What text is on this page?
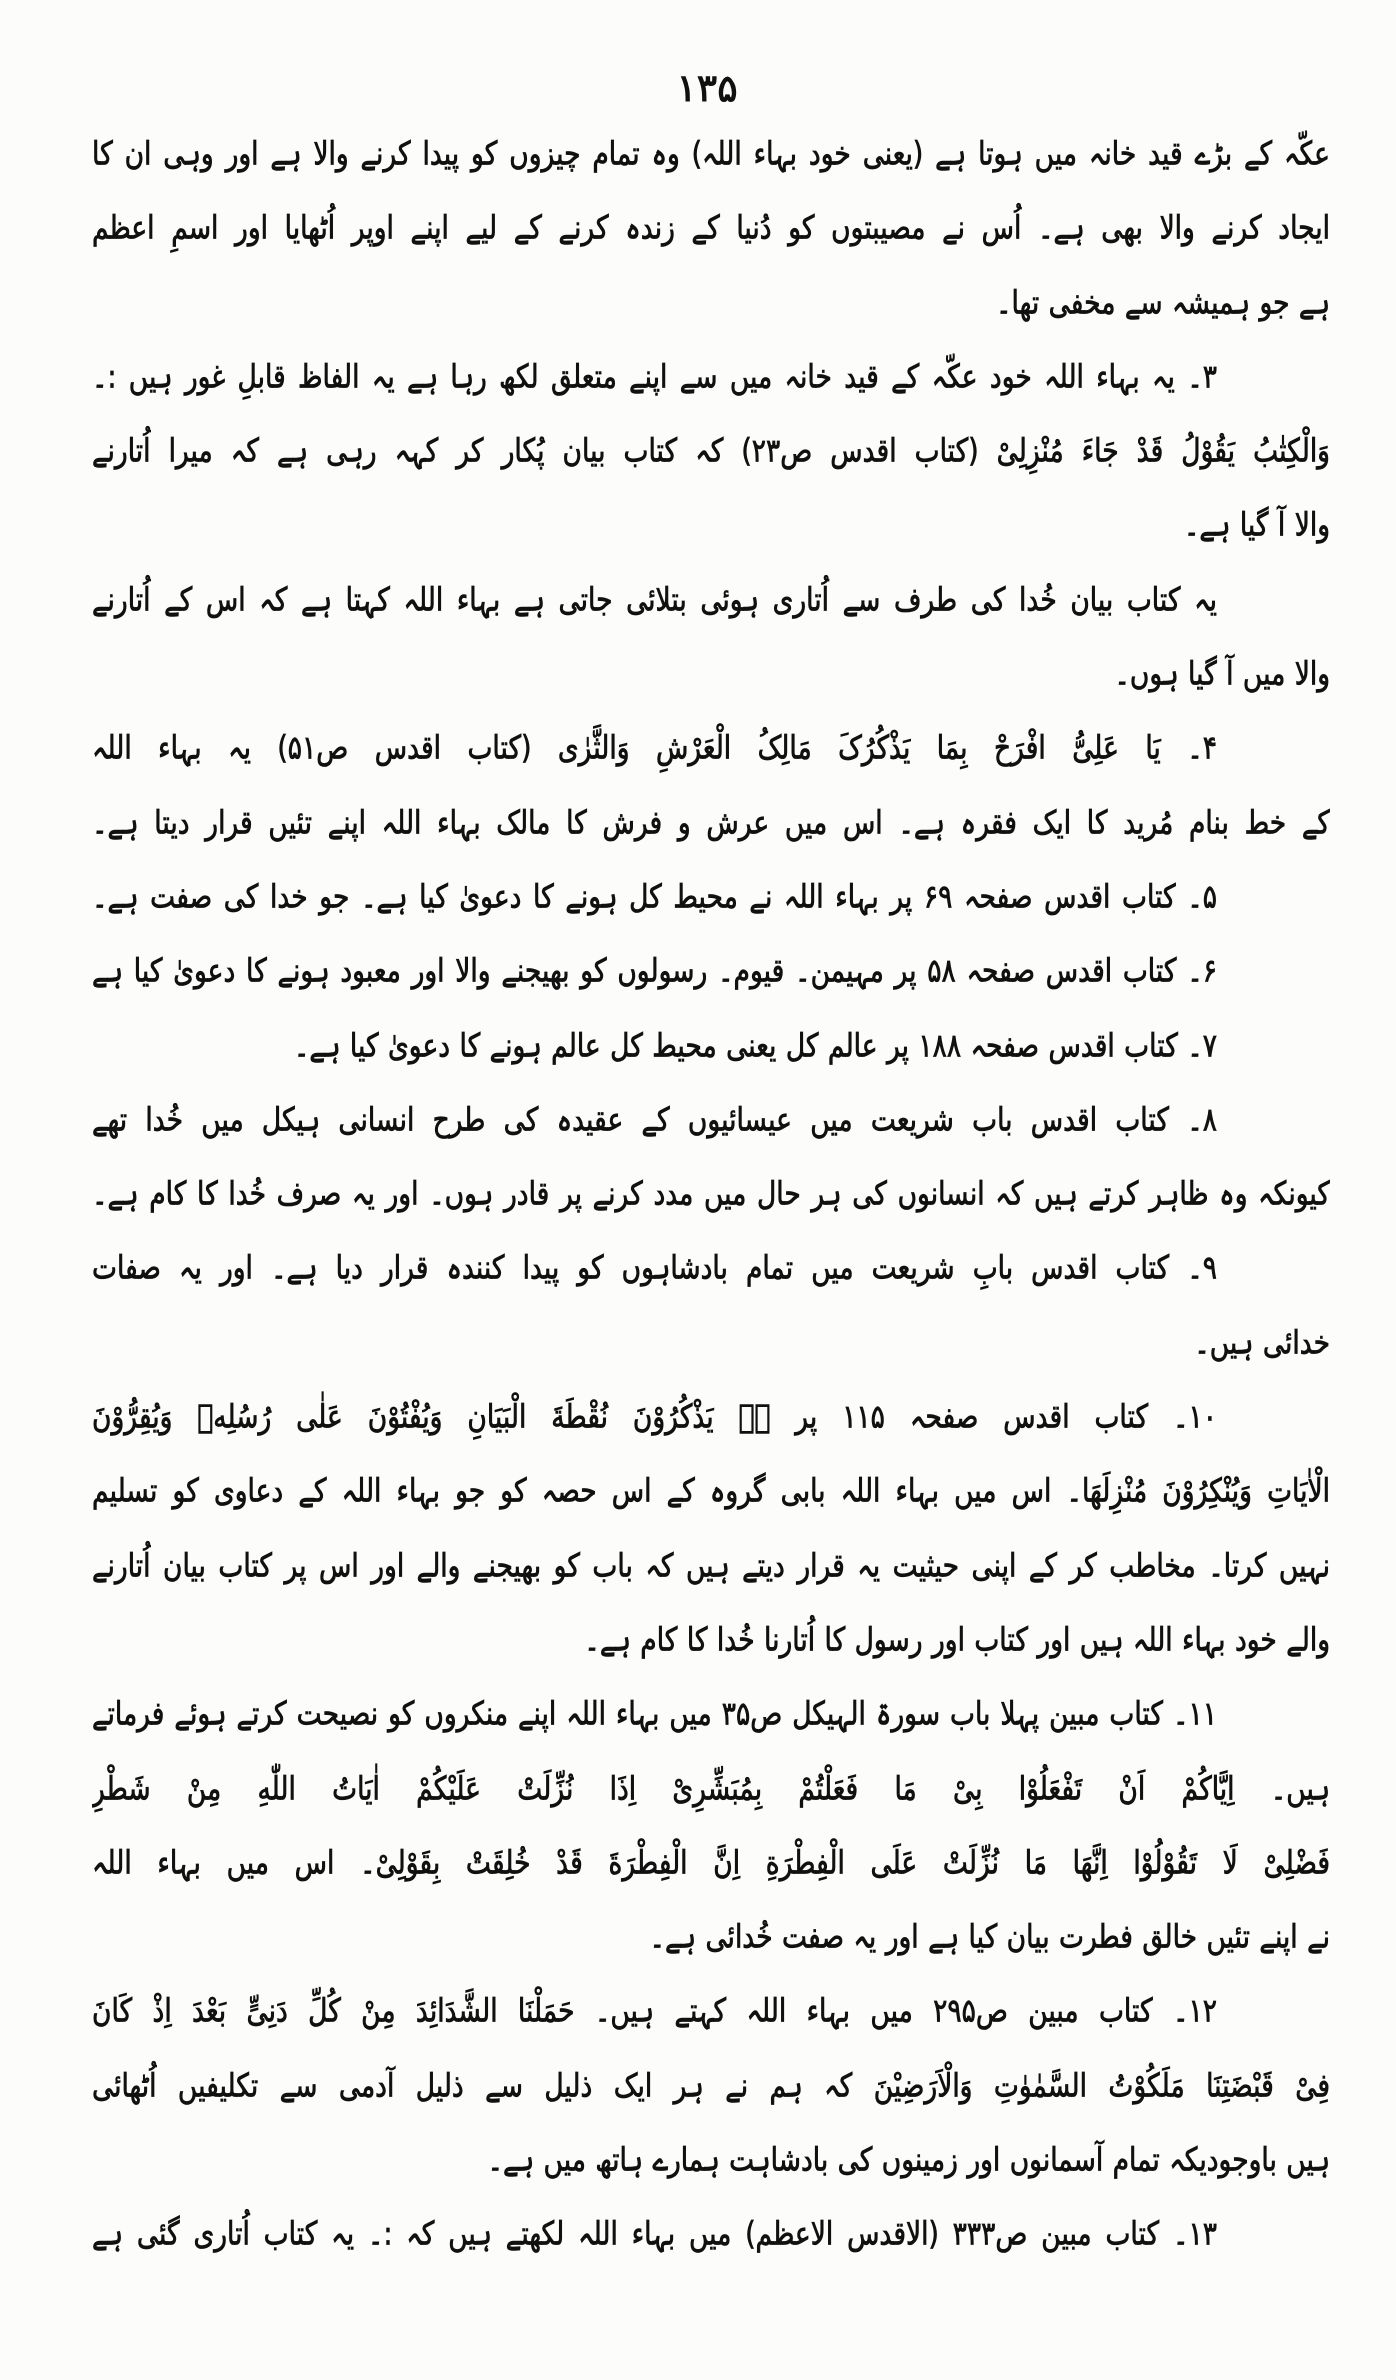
۱۳۵
عکّہ کے بڑے قید خانہ میں ہوتا ہے (یعنی خود بہاء اللہ) وہ تمام چیزوں کو پیدا کرنے والا ہے اور وہی ان کا
ایجاد کرنے والا بھی ہے۔ اُس نے مصیبتوں کو دُنیا کے زندہ کرنے کے لیے اپنے اوپر اُٹھایا اور اسمِ اعظم
ہے جو ہمیشہ سے مخفی تھا۔
۳۔ یہ بہاء اللہ خود عکّہ کے قید خانہ میں سے اپنے متعلق لکھ رہا ہے یہ الفاظ قابلِ غور ہیں :۔
وَالْکِتٰبُ یَقُوْلُ قَدْ جَاءَ مُنْزِلِیْ (کتاب اقدس ص۲۳) کہ کتاب بیان پُکار کر کہہ رہی ہے کہ میرا اُتارنے
والا آ گیا ہے۔
یہ کتاب بیان خُدا کی طرف سے اُتاری ہوئی بتلائی جاتی ہے بہاء اللہ کہتا ہے کہ اس کے اُتارنے
والا میں آ گیا ہوں۔
۴۔ یَا عَلِیُّ افْرَحْ بِمَا یَذْکُرُکَ مَالِکُ الْعَرْشِ وَالثَّرٰی (کتاب اقدس ص۵۱) یہ بہاء اللہ
کے خط بنام مُرید کا ایک فقرہ ہے۔ اس میں عرش و فرش کا مالک بہاء اللہ اپنے تئیں قرار دیتا ہے۔
۵۔ کتاب اقدس صفحہ ۶۹ پر بہاء اللہ نے محیط کل ہونے کا دعویٰ کیا ہے۔ جو خدا کی صفت ہے۔
۶۔ کتاب اقدس صفحہ ۵۸ پر مہیمن۔ قیوم۔ رسولوں کو بھیجنے والا اور معبود ہونے کا دعویٰ کیا ہے
۷۔ کتاب اقدس صفحہ ۱۸۸ پر عالم کل یعنی محیط کل عالم ہونے کا دعویٰ کیا ہے۔
۸۔ کتاب اقدس باب شریعت میں عیسائیوں کے عقیدہ کی طرح انسانی ہیکل میں خُدا تھے
کیونکہ وہ ظاہر کرتے ہیں کہ انسانوں کی ہر حال میں مدد کرنے پر قادر ہوں۔ اور یہ صرف خُدا کا کام ہے۔
۹۔ کتاب اقدس بابِ شریعت میں تمام بادشاہوں کو پیدا کنندہ قرار دیا ہے۔ اور یہ صفات
خدائی ہیں۔
۱۰۔ کتاب اقدس صفحہ ۱۱۵ پر ہے یَذْکُرُوْنَ نُقْطَةَ الْبَیَانِ وَیُفْتُوْنَ عَلٰی رُسُلِهٖ وَیُقِرُّوْنَ
الْاٰیَاتِ وَیُنْکِرُوْنَ مُنْزِلَهَا۔ اس میں بہاء اللہ بابی گروہ کے اس حصہ کو جو بہاء اللہ کے دعاوی کو تسلیم
نہیں کرتا۔ مخاطب کر کے اپنی حیثیت یہ قرار دیتے ہیں کہ باب کو بھیجنے والے اور اس پر کتاب بیان اُتارنے
والے خود بہاء اللہ ہیں اور کتاب اور رسول کا اُتارنا خُدا کا کام ہے۔
۱۱۔ کتاب مبین پہلا باب سورۃ الہیکل ص۳۵ میں بہاء اللہ اپنے منکروں کو نصیحت کرتے ہوئے فرماتے
ہیں۔ اِیَّاکُمْ اَنْ تَفْعَلُوْا بِیْ مَا فَعَلْتُمْ بِمُبَشِّرِیْ اِذَا نُزِّلَتْ عَلَیْکُمْ اٰیَاتُ اللّٰهِ مِنْ شَطْرِ
فَضْلِیْ لَا تَقُوْلُوْا اِنَّهَا مَا نُزِّلَتْ عَلَی الْفِطْرَةِ اِنَّ الْفِطْرَةَ قَدْ خُلِقَتْ بِقَوْلِیْ۔ اس میں بہاء اللہ
نے اپنے تئیں خالق فطرت بیان کیا ہے اور یہ صفت خُدائی ہے۔
۱۲۔ کتاب مبین ص۲۹۵ میں بہاء اللہ کہتے ہیں۔ حَمَلْنَا الشَّدَائِدَ مِنْ کُلِّ دَنِیٍّ بَعْدَ اِذْ کَانَ
فِیْ قَبْضَتِنَا مَلَکُوْتُ السَّمٰوٰتِ وَالْاَرَضِیْنَ کہ ہم نے ہر ایک ذلیل سے ذلیل آدمی سے تکلیفیں اُٹھائی
ہیں باوجودیکہ تمام آسمانوں اور زمینوں کی بادشاہت ہمارے ہاتھ میں ہے۔
۱۳۔ کتاب مبین ص۳۳۳ (الاقدس الاعظم) میں بہاء اللہ لکھتے ہیں کہ :۔ یہ کتاب اُتاری گئی ہے
